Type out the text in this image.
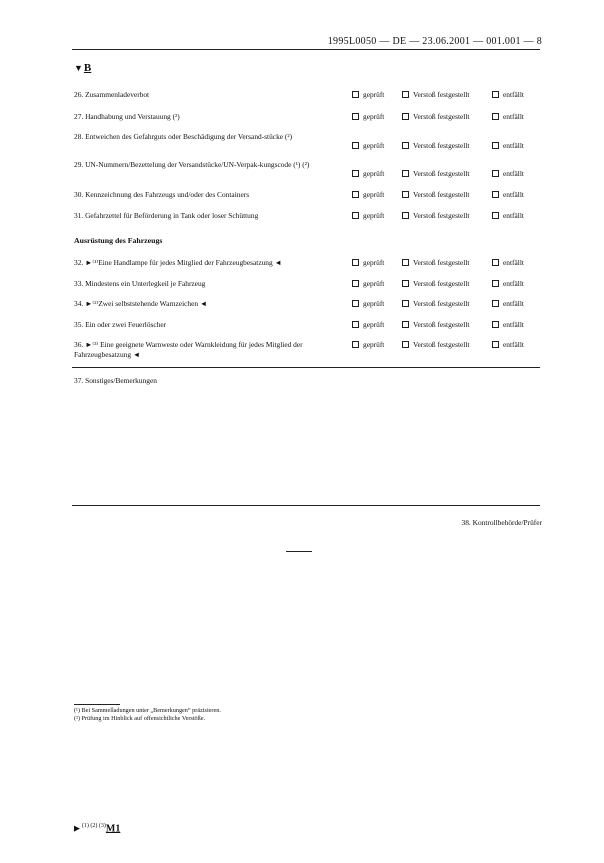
1995L0050 — DE — 23.06.2001 — 001.001 — 8
▼B
26. Zusammenladeverbot	geprüft	Verstoß festgestellt	entfällt
27. Handhabung und Verstauung (²)	geprüft	Verstoß festgestellt	entfällt
28. Entweichen des Gefahrguts oder Beschädigung der Versand-stücke (²)
geprüft	Verstoß festgestellt	entfällt
29. UN-Nummern/Bezettelung der Versandstücke/UN-Verpak-kungscode (¹) (²)
geprüft	Verstoß festgestellt	entfällt
30. Kennzeichnung des Fahrzeugs und/oder des Containers	geprüft	Verstoß festgestellt	entfällt
31. Gefahrzettel für Beförderung in Tank oder loser Schüttung	geprüft	Verstoß festgestellt	entfällt
Ausrüstung des Fahrzeugs
32. ►⁽¹⁾Eine Handlampe für jedes Mitglied der Fahrzeugbesatzung ◄	geprüft	Verstoß festgestellt	entfällt
33. Mindestens ein Unterlegkeil je Fahrzeug	geprüft	Verstoß festgestellt	entfällt
34. ►⁽²⁾Zwei selbststehende Warnzeichen ◄	geprüft	Verstoß festgestellt	entfällt
35. Ein oder zwei Feuerlöscher	geprüft	Verstoß festgestellt	entfällt
36. ►⁽³⁾ Eine geeignete Warnweste oder Warnkleidung für jedes Mitglied der Fahrzeugbesatzung ◄
geprüft	Verstoß festgestellt	entfällt
37. Sonstiges/Bemerkungen
38. Kontrollbehörde/Prüfer
(¹) Bei Sammelladungen unter „Bemerkungen“ präzisieren.
(²) Prüfung im Hinblick auf offensichtliche Verstöße.
►$^{(1) (2) (3)}$M1
